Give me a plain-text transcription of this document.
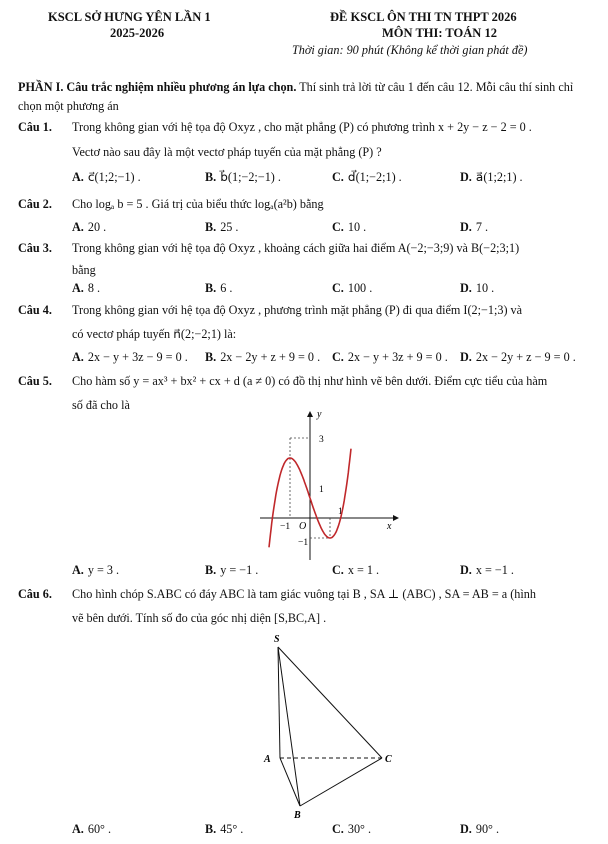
KSCL SỞ HƯNG YÊN LẦN 1
2025-2026
ĐỀ KSCL ÔN THI TN THPT 2026
MÔN THI: TOÁN 12
Thời gian: 90 phút (Không kể thời gian phát đề)
PHẦN I. Câu trắc nghiệm nhiều phương án lựa chọn. Thí sinh trả lời từ câu 1 đến câu 12. Mỗi câu thí sinh chỉ chọn một phương án
Câu 1. Trong không gian với hệ tọa độ Oxyz , cho mặt phẳng (P) có phương trình x + 2y − z − 2 = 0 .
Vectơ nào sau đây là một vectơ pháp tuyến của mặt phẳng (P) ?
A. c⃗(1;2;−1) .	B. b⃗(1;−2;−1) .	C. d⃗(1;−2;1) .	D. a⃗(1;2;1) .
Câu 2. Cho logₐ b = 5 . Giá trị của biểu thức logₐ(a²b) bằng
A. 20 .	B. 25 .	C. 10 .	D. 7 .
Câu 3. Trong không gian với hệ tọa độ Oxyz , khoảng cách giữa hai điểm A(−2;−3;9) và B(−2;3;1)
bằng
A. 8 .	B. 6 .	C. 100 .	D. 10 .
Câu 4. Trong không gian với hệ tọa độ Oxyz , phương trình mặt phẳng (P) đi qua điểm I(2;−1;3) và
có vectơ pháp tuyến n⃗(2;−2;1) là:
A. 2x − y + 3z − 9 = 0 . B. 2x − 2y + z + 9 = 0 . C. 2x − y + 3z + 9 = 0 . D. 2x − 2y + z − 9 = 0 .
Câu 5. Cho hàm số y = ax³ + bx² + cx + d (a ≠ 0) có đồ thị như hình vẽ bên dưới. Điểm cực tiểu của hàm
số đã cho là
y
x
O
3
1
−1
−1
1
A. y = 3 .	B. y = −1 .	C. x = 1 .	D. x = −1 .
Câu 6. Cho hình chóp S.ABC có đáy ABC là tam giác vuông tại B , SA ⊥ (ABC) , SA = AB = a (hình
vẽ bên dưới. Tính số đo của góc nhị diện [S,BC,A] .
S
A
B
C
A. 60° .	B. 45° .	C. 30° .	D. 90° .
